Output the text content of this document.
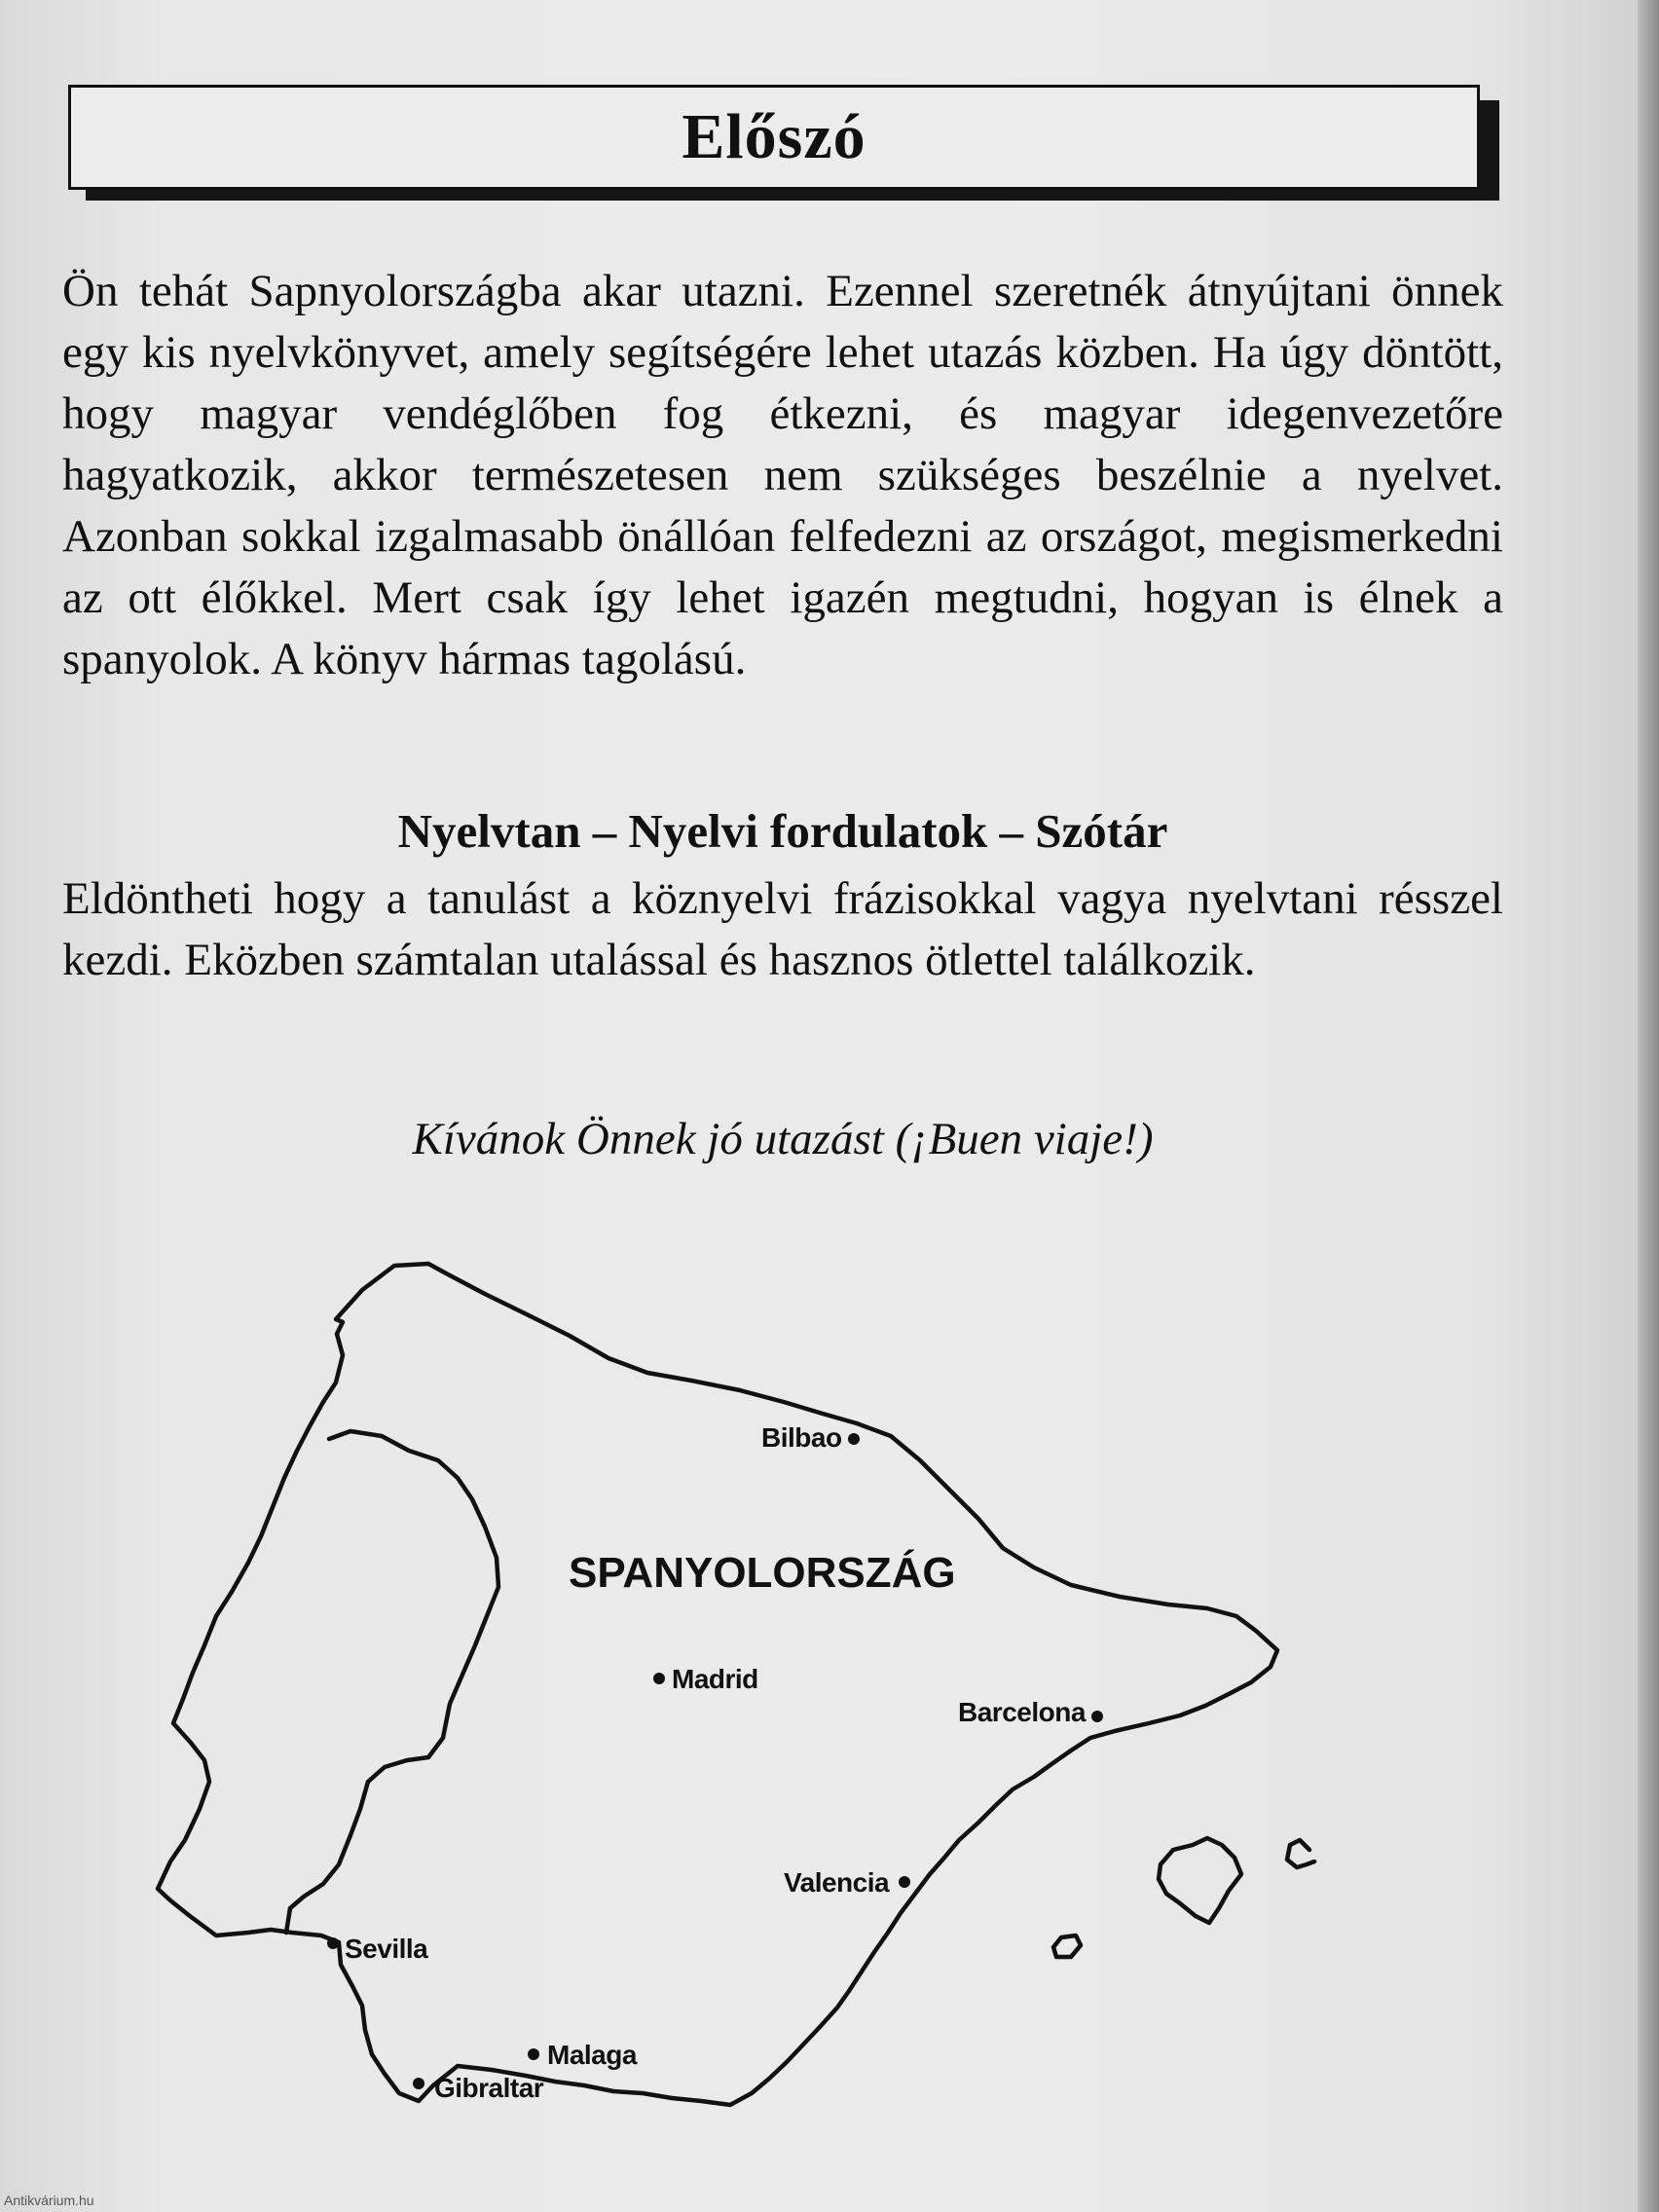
Előszó

Ön tehát Sapnyolországba akar utazni. Ezennel szeretnék átnyújtani önnek egy kis nyelvkönyvet, amely segítségére lehet utazás közben. Ha úgy döntött, hogy magyar vendéglőben fog étkezni, és magyar idegenvezetőre hagyatkozik, akkor természetesen nem szükséges beszélnie a nyelvet. Azonban sokkal izgalmasabb önállóan felfedezni az országot, megismerkedni az ott élőkkel. Mert csak így lehet igazén megtudni, hogyan is élnek a spanyolok. A könyv hármas tagolású.

Nyelvtan – Nyelvi fordulatok – Szótár

Eldöntheti hogy a tanulást a köznyelvi frázisokkal vagya nyelvtani résszel kezdi. Eközben számtalan utalással és hasznos ötlettel találkozik.

Kívánok Önnek jó utazást (¡Buen viaje!)
Bilbao
Madrid
Barcelona
Valencia
Sevilla
Malaga
Gibraltar
SPANYOLORSZÁG
Antikvárium.hu
